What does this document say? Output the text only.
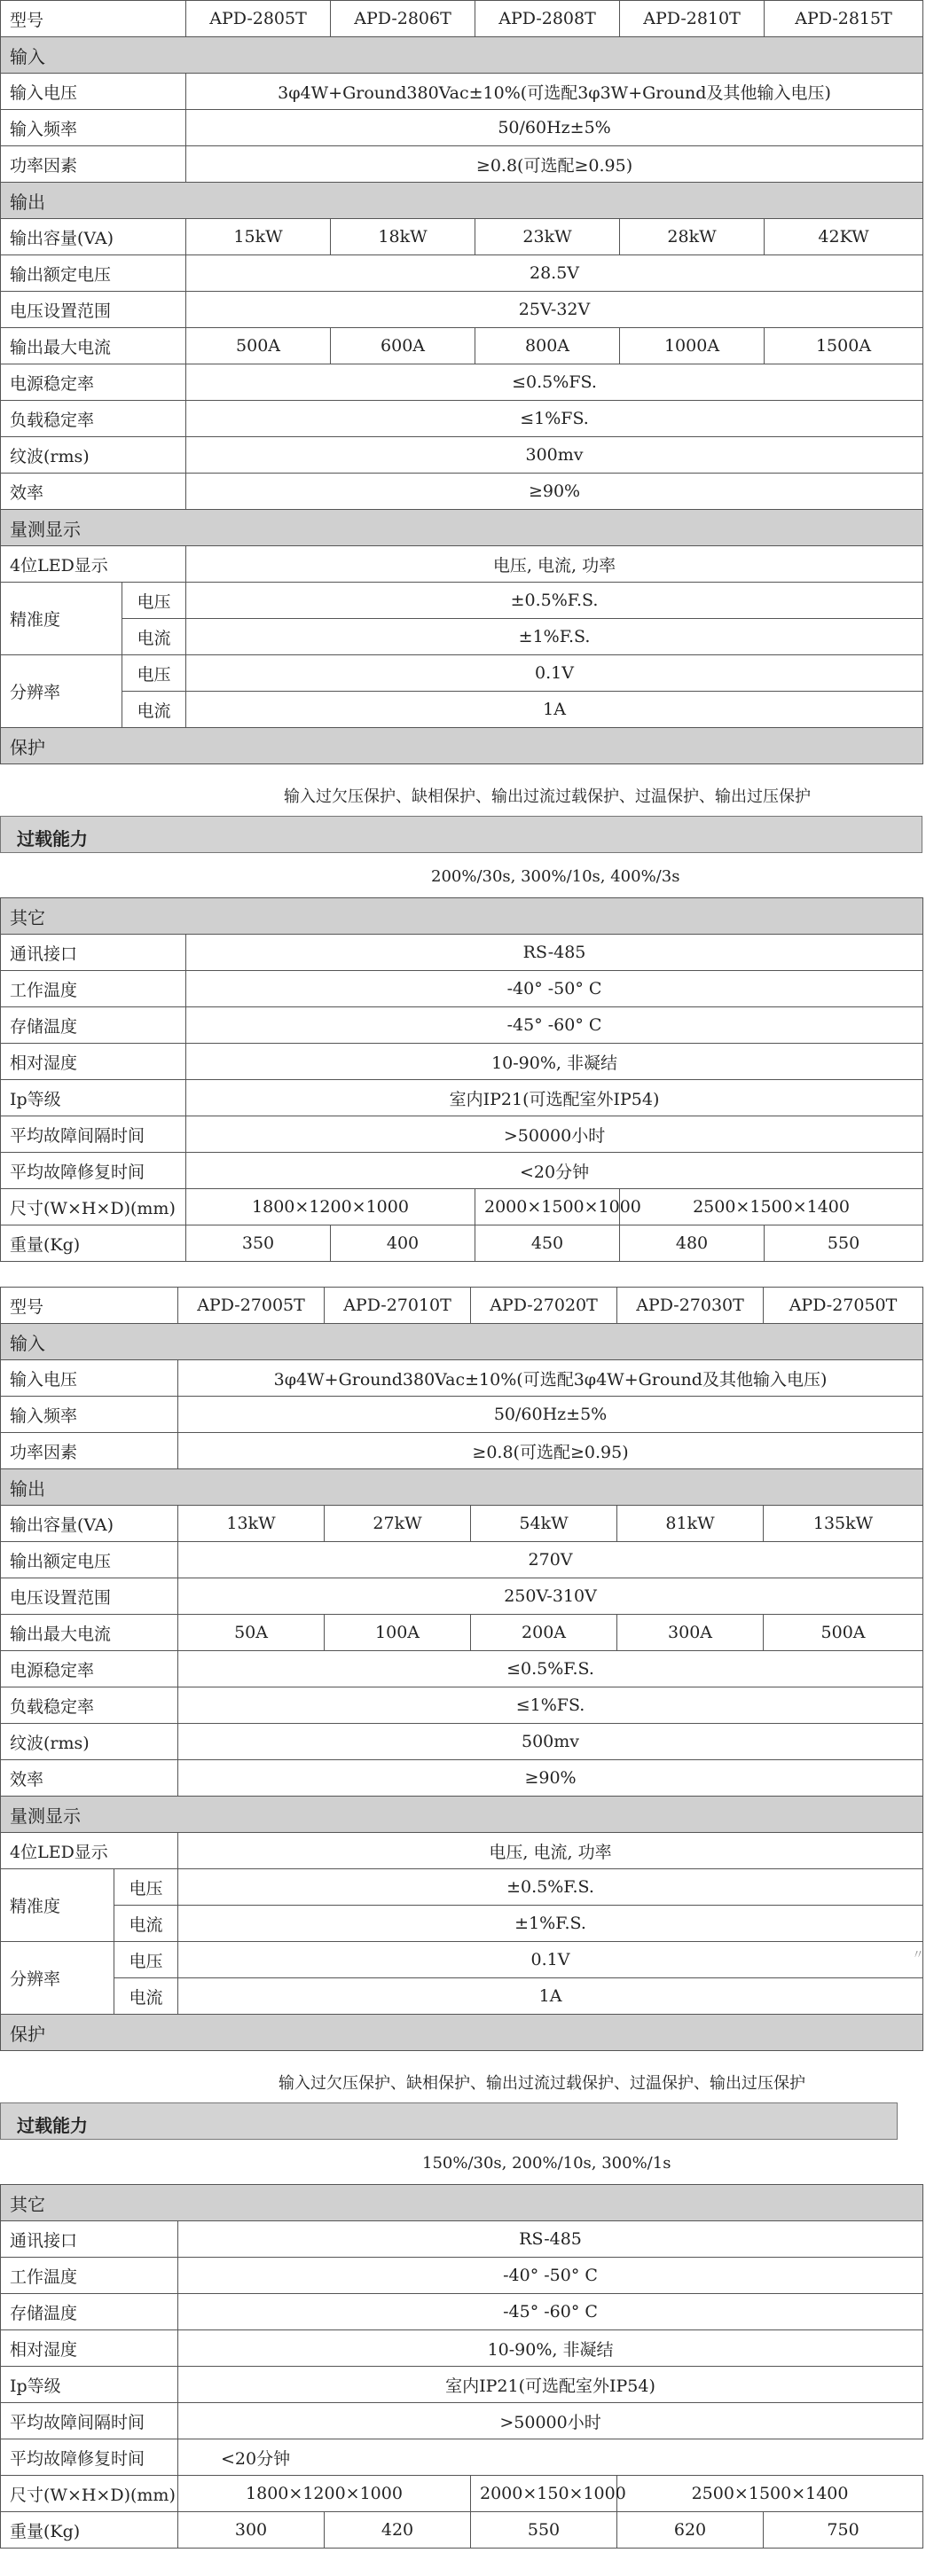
型号		APD-2805T	APD-2806T	APD-2808T	APD-2810T	APD-2815T
输入						
输入电压		3φ4W+Ground380Vac±10%(可选配3φ3W+Ground及其他输入电压)				
输入频率		50/60Hz±5%				
功率因素		≥0.8(可选配≥0.95)				
输出						
输出容量(VA)		15kW	18kW	23kW	28kW	42KW
输出额定电压		28.5V				
电压设置范围		25V-32V				
输出最大电流		500A	600A	800A	1000A	1500A
电源稳定率		≤0.5%FS.				
负载稳定率		≤1%FS.				
纹波(rms)		300mv				
效率		≥90%				
量测显示						
4位LED显示		电压, 电流, 功率				
精准度	电压	±0.5%F.S.				
	电流	±1%F.S.				
分辨率	电压	0.1V				
	电流	1A				
保护						
输入过欠压保护、缺相保护、输出过流过载保护、过温保护、输出过压保护
过载能力
200%/30s, 300%/10s, 400%/3s
其它					
通讯接口	RS-485				
工作温度	-40° -50° C				
存储温度	-45° -60° C				
相对湿度	10-90%, 非凝结				
Ip等级	室内IP21(可选配室外IP54)				
平均故障间隔时间	>50000小时				
平均故障修复时间	<20分钟				
尺寸(W×H×D)(mm)	1800×1200×1000		2000×1500×1000	2500×1500×1400	
重量(Kg)	350	400	450	480	550
型号		APD-27005T	APD-27010T	APD-27020T	APD-27030T	APD-27050T
输入						
输入电压		3φ4W+Ground380Vac±10%(可选配3φ4W+Ground及其他输入电压)				
输入频率		50/60Hz±5%				
功率因素		≥0.8(可选配≥0.95)				
输出						
输出容量(VA)		13kW	27kW	54kW	81kW	135kW
输出额定电压		270V				
电压设置范围		250V-310V				
输出最大电流		50A	100A	200A	300A	500A
电源稳定率		≤0.5%F.S.				
负载稳定率		≤1%FS.				
纹波(rms)		500mv				
效率		≥90%				
量测显示						
4位LED显示		电压, 电流, 功率				
精准度	电压	±0.5%F.S.				
	电流	±1%F.S.				
分辨率	电压	0.1V				
	电流	1A				
保护						
输入过欠压保护、缺相保护、输出过流过载保护、过温保护、输出过压保护
过载能力
150%/30s, 200%/10s, 300%/1s
其它					
通讯接口	RS-485				
工作温度	-40° -50° C				
存储温度	-45° -60° C				
相对湿度	10-90%, 非凝结				
Ip等级	室内IP21(可选配室外IP54)				
平均故障间隔时间	>50000小时				
平均故障修复时间	<20分钟				
尺寸(W×H×D)(mm)	1800×1200×1000		2000×150×1000	2500×1500×1400	
重量(Kg)	300	420	550	620	750
〃
